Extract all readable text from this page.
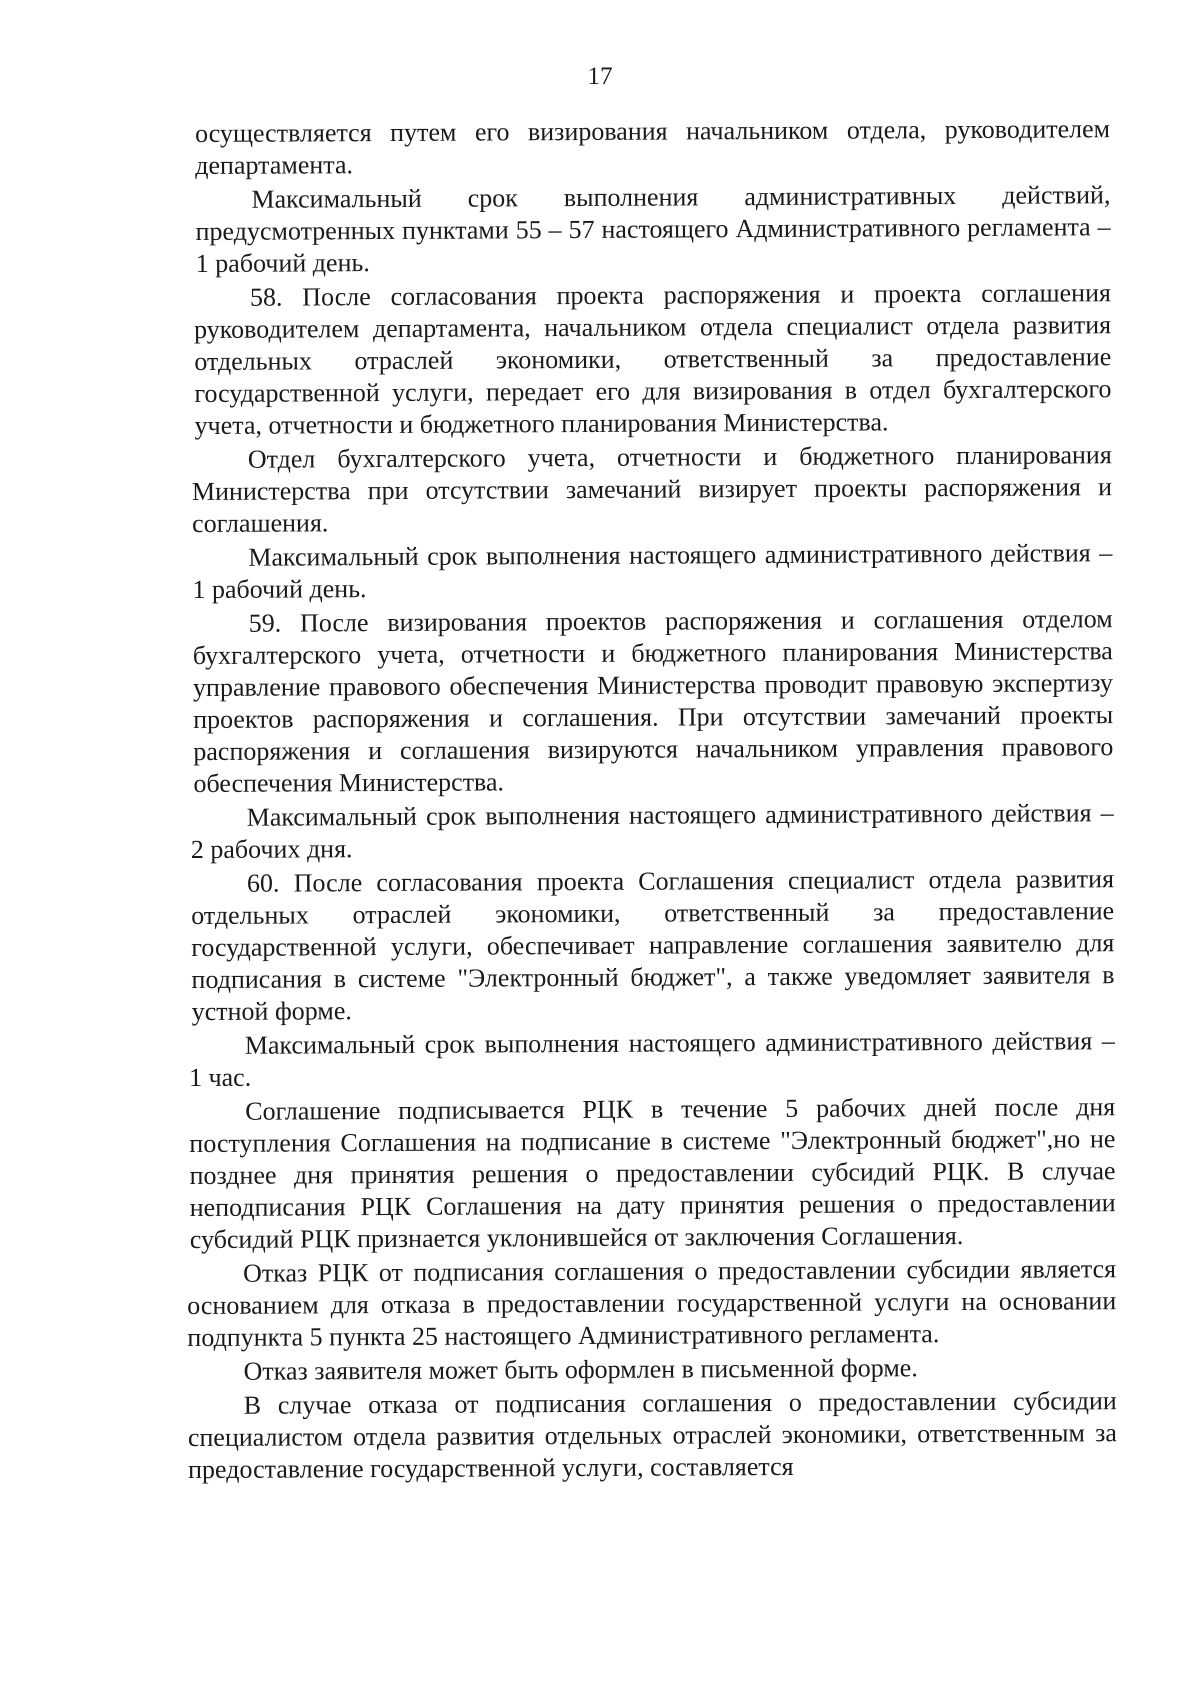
17

осуществляется путем его визирования начальником отдела, руководителем департамента.

Максимальный срок выполнения административных действий, предусмотренных пунктами 55 – 57 настоящего Административного регламента – 1 рабочий день.

58. После согласования проекта распоряжения и проекта соглашения руководителем департамента, начальником отдела специалист отдела развития отдельных отраслей экономики, ответственный за предоставление государственной услуги, передает его для визирования в отдел бухгалтерского учета, отчетности и бюджетного планирования Министерства.

Отдел бухгалтерского учета, отчетности и бюджетного планирования Министерства при отсутствии замечаний визирует проекты распоряжения и соглашения.

Максимальный срок выполнения настоящего административного действия – 1 рабочий день.

59. После визирования проектов распоряжения и соглашения отделом бухгалтерского учета, отчетности и бюджетного планирования Министерства управление правового обеспечения Министерства проводит правовую экспертизу проектов распоряжения и соглашения. При отсутствии замечаний проекты распоряжения и соглашения визируются начальником управления правового обеспечения Министерства.

Максимальный срок выполнения настоящего административного действия – 2 рабочих дня.

60. После согласования проекта Соглашения специалист отдела развития отдельных отраслей экономики, ответственный за предоставление государственной услуги, обеспечивает направление соглашения заявителю для подписания в системе "Электронный бюджет", а также уведомляет заявителя в устной форме.

Максимальный срок выполнения настоящего административного действия – 1 час.

Соглашение подписывается РЦК в течение 5 рабочих дней после дня поступления Соглашения на подписание в системе "Электронный бюджет",но не позднее дня принятия решения о предоставлении субсидий РЦК. В случае неподписания РЦК Соглашения на дату принятия решения о предоставлении субсидий РЦК признается уклонившейся от заключения Соглашения.

Отказ РЦК от подписания соглашения о предоставлении субсидии является основанием для отказа в предоставлении государственной услуги на основании подпункта 5 пункта 25 настоящего Административного регламента.

Отказ заявителя может быть оформлен в письменной форме.

В случае отказа от подписания соглашения о предоставлении субсидии специалистом отдела развития отдельных отраслей экономики, ответственным за предоставление государственной услуги, составляется
